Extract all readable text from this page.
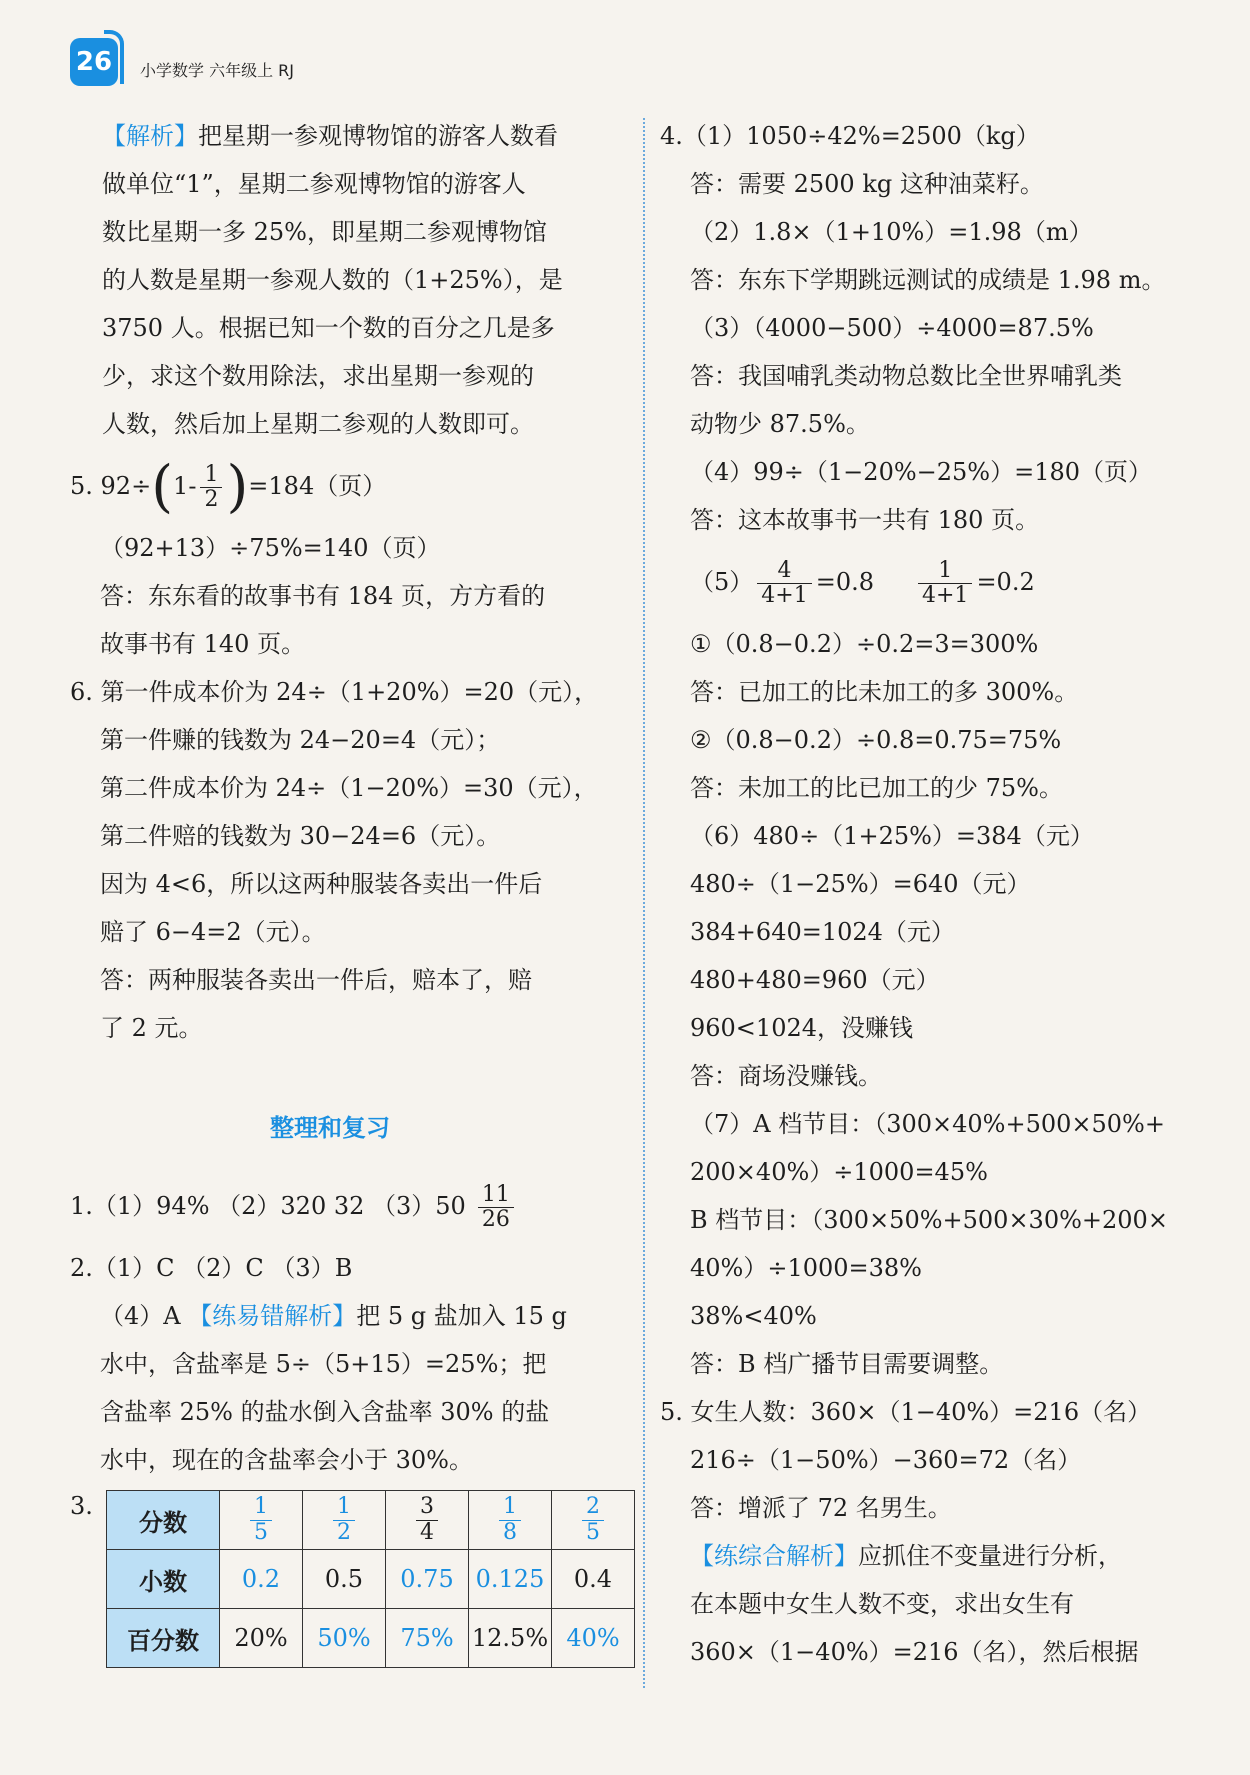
26	小学数学 六年级上 RJ
【解析】把星期一参观博物馆的游客人数看
做单位“1”，星期二参观博物馆的游客人
数比星期一多 25%，即星期二参观博物馆
的人数是星期一参观人数的（1+25%），是
3750 人。根据已知一个数的百分之几是多
少，求这个数用除法，求出星期一参观的
人数，然后加上星期二参观的人数即可。
5. $92\div(1- \frac{1}{2} )=184$（页）
（92+13）÷75%=140（页）
答：东东看的故事书有 184 页，方方看的
故事书有 140 页。
6. 第一件成本价为 24÷（1+20%）=20（元），
第一件赚的钱数为 24−20=4（元）；
第二件成本价为 24÷（1−20%）=30（元），
第二件赔的钱数为 30−24=6（元）。
因为 4<6，所以这两种服装各卖出一件后
赔了 6−4=2（元）。
答：两种服装各卖出一件后，赔本了，赔
了 2 元。
整理和复习
1.（1）94% （2）320 32 $(3)50 \frac{11}{26}$
2.（1）C （2）C （3）B
（4）A 【练易错解析】把 5 g 盐加入 15 g
水中，含盐率是 5÷（5+15）=25%；把
含盐率 25% 的盐水倒入含盐率 30% 的盐
水中，现在的含盐率会小于 30%。
3.
分数	$\frac{1}{5}$	$\frac{1}{2}$	$\frac{3}{4}$	$\frac{1}{8}$	$\frac{2}{5}$

小数	0.2	0.5	0.75	0.125	0.4
百分数	20%	50%	75%	12.5%	40%
4.（1）1050÷42%=2500（kg）
答：需要 2500 kg 这种油菜籽。
（2）1.8×（1+10%）=1.98（m）
答：东东下学期跳远测试的成绩是 1.98 m。
（3）（4000−500）÷4000=87.5%
答：我国哺乳类动物总数比全世界哺乳类
动物少 87.5%。
（4）99÷（1−20%−25%）=180（页）
答：这本故事书一共有 180 页。
$(5) \frac{4}{4+1} =0.8 \frac{1}{4+1} =0.2$
①（0.8−0.2）÷0.2=3=300%
答：已加工的比未加工的多 300%。
②（0.8−0.2）÷0.8=0.75=75%
答：未加工的比已加工的少 75%。
（6）480÷（1+25%）=384（元）
480÷（1−25%）=640（元）
384+640=1024（元）
480+480=960（元）
960<1024，没赚钱
答：商场没赚钱。
（7）A 档节目：（300×40%+500×50%+
200×40%）÷1000=45%
B 档节目：（300×50%+500×30%+200×
40%）÷1000=38%
38%<40%
答：B 档广播节目需要调整。
5. 女生人数：360×（1−40%）=216（名）
216÷（1−50%）−360=72（名）
答：增派了 72 名男生。
【练综合解析】应抓住不变量进行分析，
在本题中女生人数不变，求出女生有
360×（1−40%）=216（名），然后根据
